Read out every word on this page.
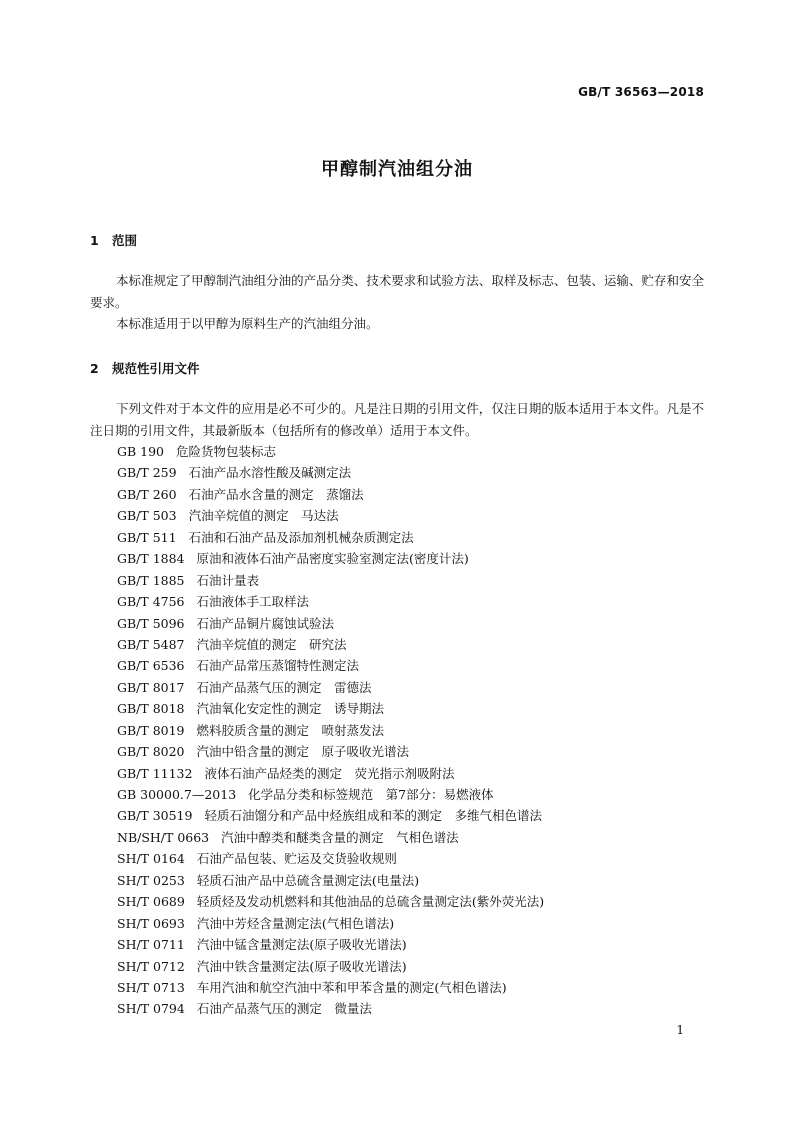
GB/T 36563—2018
甲醇制汽油组分油
1 范围
本标准规定了甲醇制汽油组分油的产品分类、技术要求和试验方法、取样及标志、包装、运输、贮存和安全要求。
本标准适用于以甲醇为原料生产的汽油组分油。
2 规范性引用文件
下列文件对于本文件的应用是必不可少的。凡是注日期的引用文件，仅注日期的版本适用于本文件。凡是不注日期的引用文件，其最新版本（包括所有的修改单）适用于本文件。
GB 190 危险货物包装标志
GB/T 259 石油产品水溶性酸及碱测定法
GB/T 260 石油产品水含量的测定　蒸馏法
GB/T 503 汽油辛烷值的测定　马达法
GB/T 511 石油和石油产品及添加剂机械杂质测定法
GB/T 1884 原油和液体石油产品密度实验室测定法(密度计法)
GB/T 1885 石油计量表
GB/T 4756 石油液体手工取样法
GB/T 5096 石油产品铜片腐蚀试验法
GB/T 5487 汽油辛烷值的测定　研究法
GB/T 6536 石油产品常压蒸馏特性测定法
GB/T 8017 石油产品蒸气压的测定　雷德法
GB/T 8018 汽油氧化安定性的测定　诱导期法
GB/T 8019 燃料胶质含量的测定　喷射蒸发法
GB/T 8020 汽油中铅含量的测定　原子吸收光谱法
GB/T 11132 液体石油产品烃类的测定　荧光指示剂吸附法
GB 30000.7—2013 化学品分类和标签规范　第7部分：易燃液体
GB/T 30519 轻质石油馏分和产品中烃族组成和苯的测定　多维气相色谱法
NB/SH/T 0663 汽油中醇类和醚类含量的测定　气相色谱法
SH/T 0164 石油产品包装、贮运及交货验收规则
SH/T 0253 轻质石油产品中总硫含量测定法(电量法)
SH/T 0689 轻质烃及发动机燃料和其他油品的总硫含量测定法(紫外荧光法)
SH/T 0693 汽油中芳烃含量测定法(气相色谱法)
SH/T 0711 汽油中锰含量测定法(原子吸收光谱法)
SH/T 0712 汽油中铁含量测定法(原子吸收光谱法)
SH/T 0713 车用汽油和航空汽油中苯和甲苯含量的测定(气相色谱法)
SH/T 0794 石油产品蒸气压的测定　微量法
1
